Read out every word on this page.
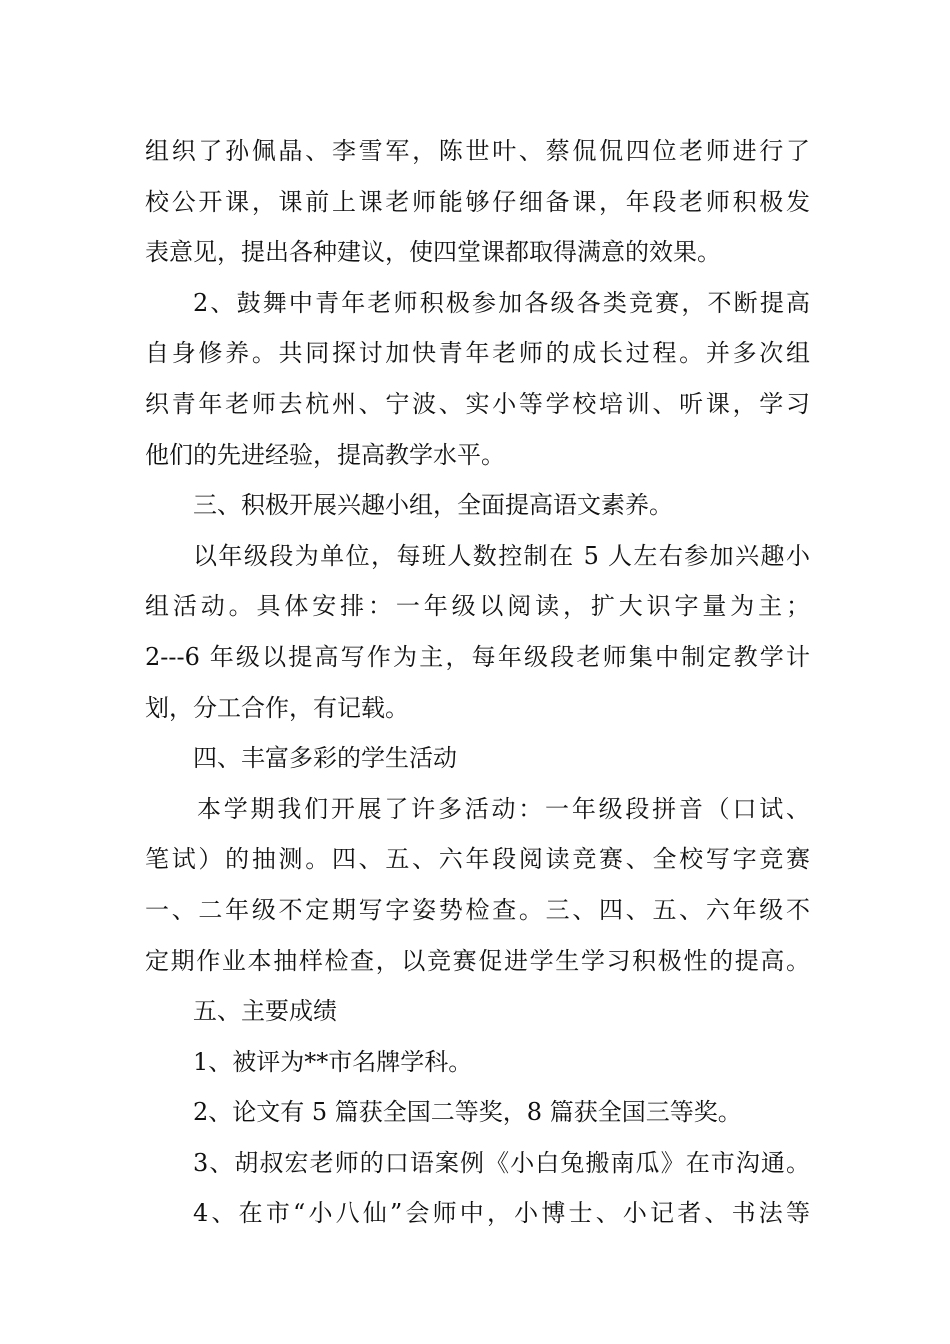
组织了孙佩晶、李雪军，陈世叶、蔡侃侃四位老师进行了
校公开课，课前上课老师能够仔细备课，年段老师积极发
表意见，提出各种建议，使四堂课都取得满意的效果。
2、鼓舞中青年老师积极参加各级各类竞赛，不断提高
自身修养。共同探讨加快青年老师的成长过程。并多次组
织青年老师去杭州、宁波、实小等学校培训、听课，学习
他们的先进经验，提高教学水平。
三、积极开展兴趣小组，全面提高语文素养。
以年级段为单位，每班人数控制在 5 人左右参加兴趣小
组活动。具体安排：一年级以阅读，扩大识字量为主；
2---6 年级以提高写作为主，每年级段老师集中制定教学计
划，分工合作，有记载。
四、丰富多彩的学生活动
本学期我们开展了许多活动：一年级段拼音（口试、
笔试）的抽测。四、五、六年段阅读竞赛、全校写字竞赛
一、二年级不定期写字姿势检查。三、四、五、六年级不
定期作业本抽样检查，以竞赛促进学生学习积极性的提高。
五、主要成绩
1、被评为**市名牌学科。
2、论文有 5 篇获全国二等奖，8 篇获全国三等奖。
3、胡叔宏老师的口语案例《小白兔搬南瓜》在市沟通。
4、在市“小八仙”会师中，小博士、小记者、书法等
